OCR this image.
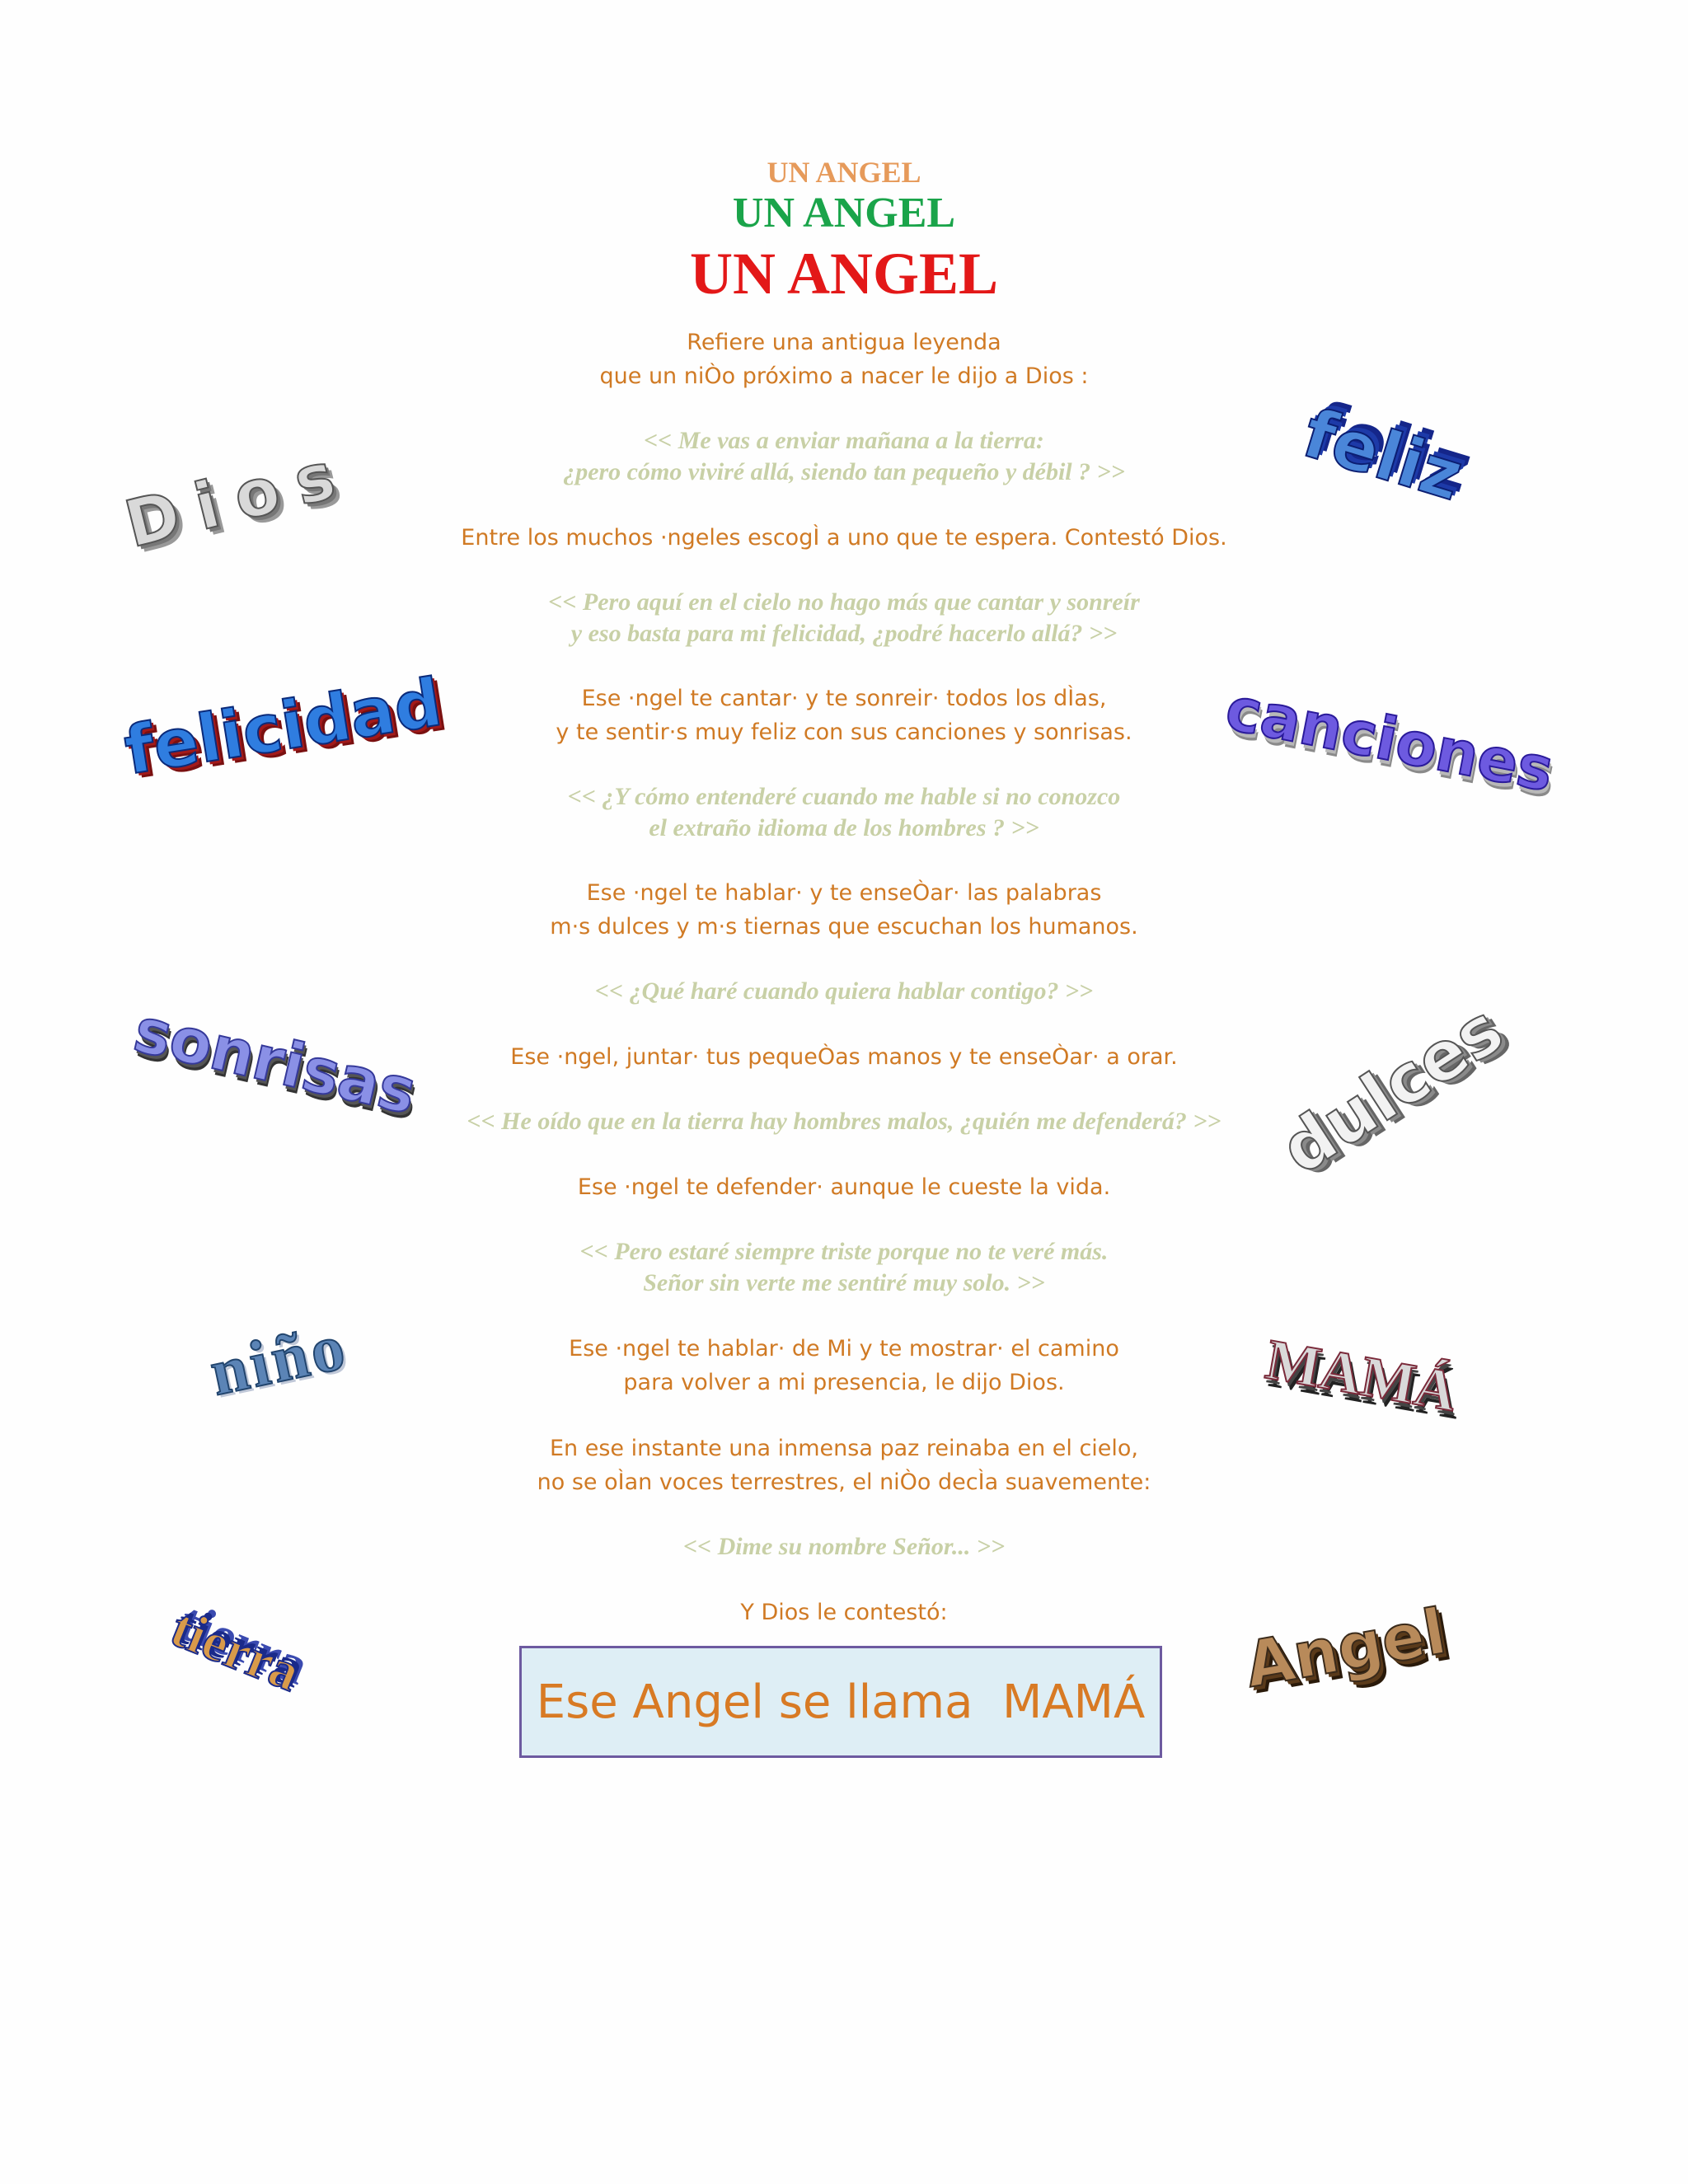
UN ANGEL
UN ANGEL
UN ANGEL
Refiere una antigua leyenda
que un niÒo próximo a nacer le dijo a Dios :
<< Me vas a enviar mañana a la tierra:
¿pero cómo viviré allá, siendo tan pequeño y débil ? >>
Entre los muchos ·ngeles escogÌ a uno que te espera. Contestó Dios.
<< Pero aquí en el cielo no hago más que cantar y sonreír
y eso basta para mi felicidad, ¿podré hacerlo allá? >>
Ese ·ngel te cantar· y te sonreir· todos los dÌas,
y te sentir·s muy feliz con sus canciones y sonrisas.
<< ¿Y cómo entenderé cuando me hable si no conozco
el extraño idioma de los hombres ? >>
Ese ·ngel te hablar· y te enseÒar· las palabras
m·s dulces y m·s tiernas que escuchan los humanos.
<< ¿Qué haré cuando quiera hablar contigo? >>
Ese ·ngel, juntar· tus pequeÒas manos y te enseÒar· a orar.
<< He oído que en la tierra hay hombres malos, ¿quién me defenderá? >>
Ese ·ngel te defender· aunque le cueste la vida.
<< Pero estaré siempre triste porque no te veré más.
Señor sin verte me sentiré muy solo. >>
Ese ·ngel te hablar· de Mi y te mostrar· el camino
para volver a mi presencia, le dijo Dios.
En ese instante una inmensa paz reinaba en el cielo,
no se oÌan voces terrestres, el niÒo decÌa suavemente:
<< Dime su nombre Señor... >>
Y Dios le contestó:
Ese Angel se llama  MAMÁ
Dios	feliz
felicidad	canciones
sonrisas	dulces
niño	MAMÁ
tierra	Angel
